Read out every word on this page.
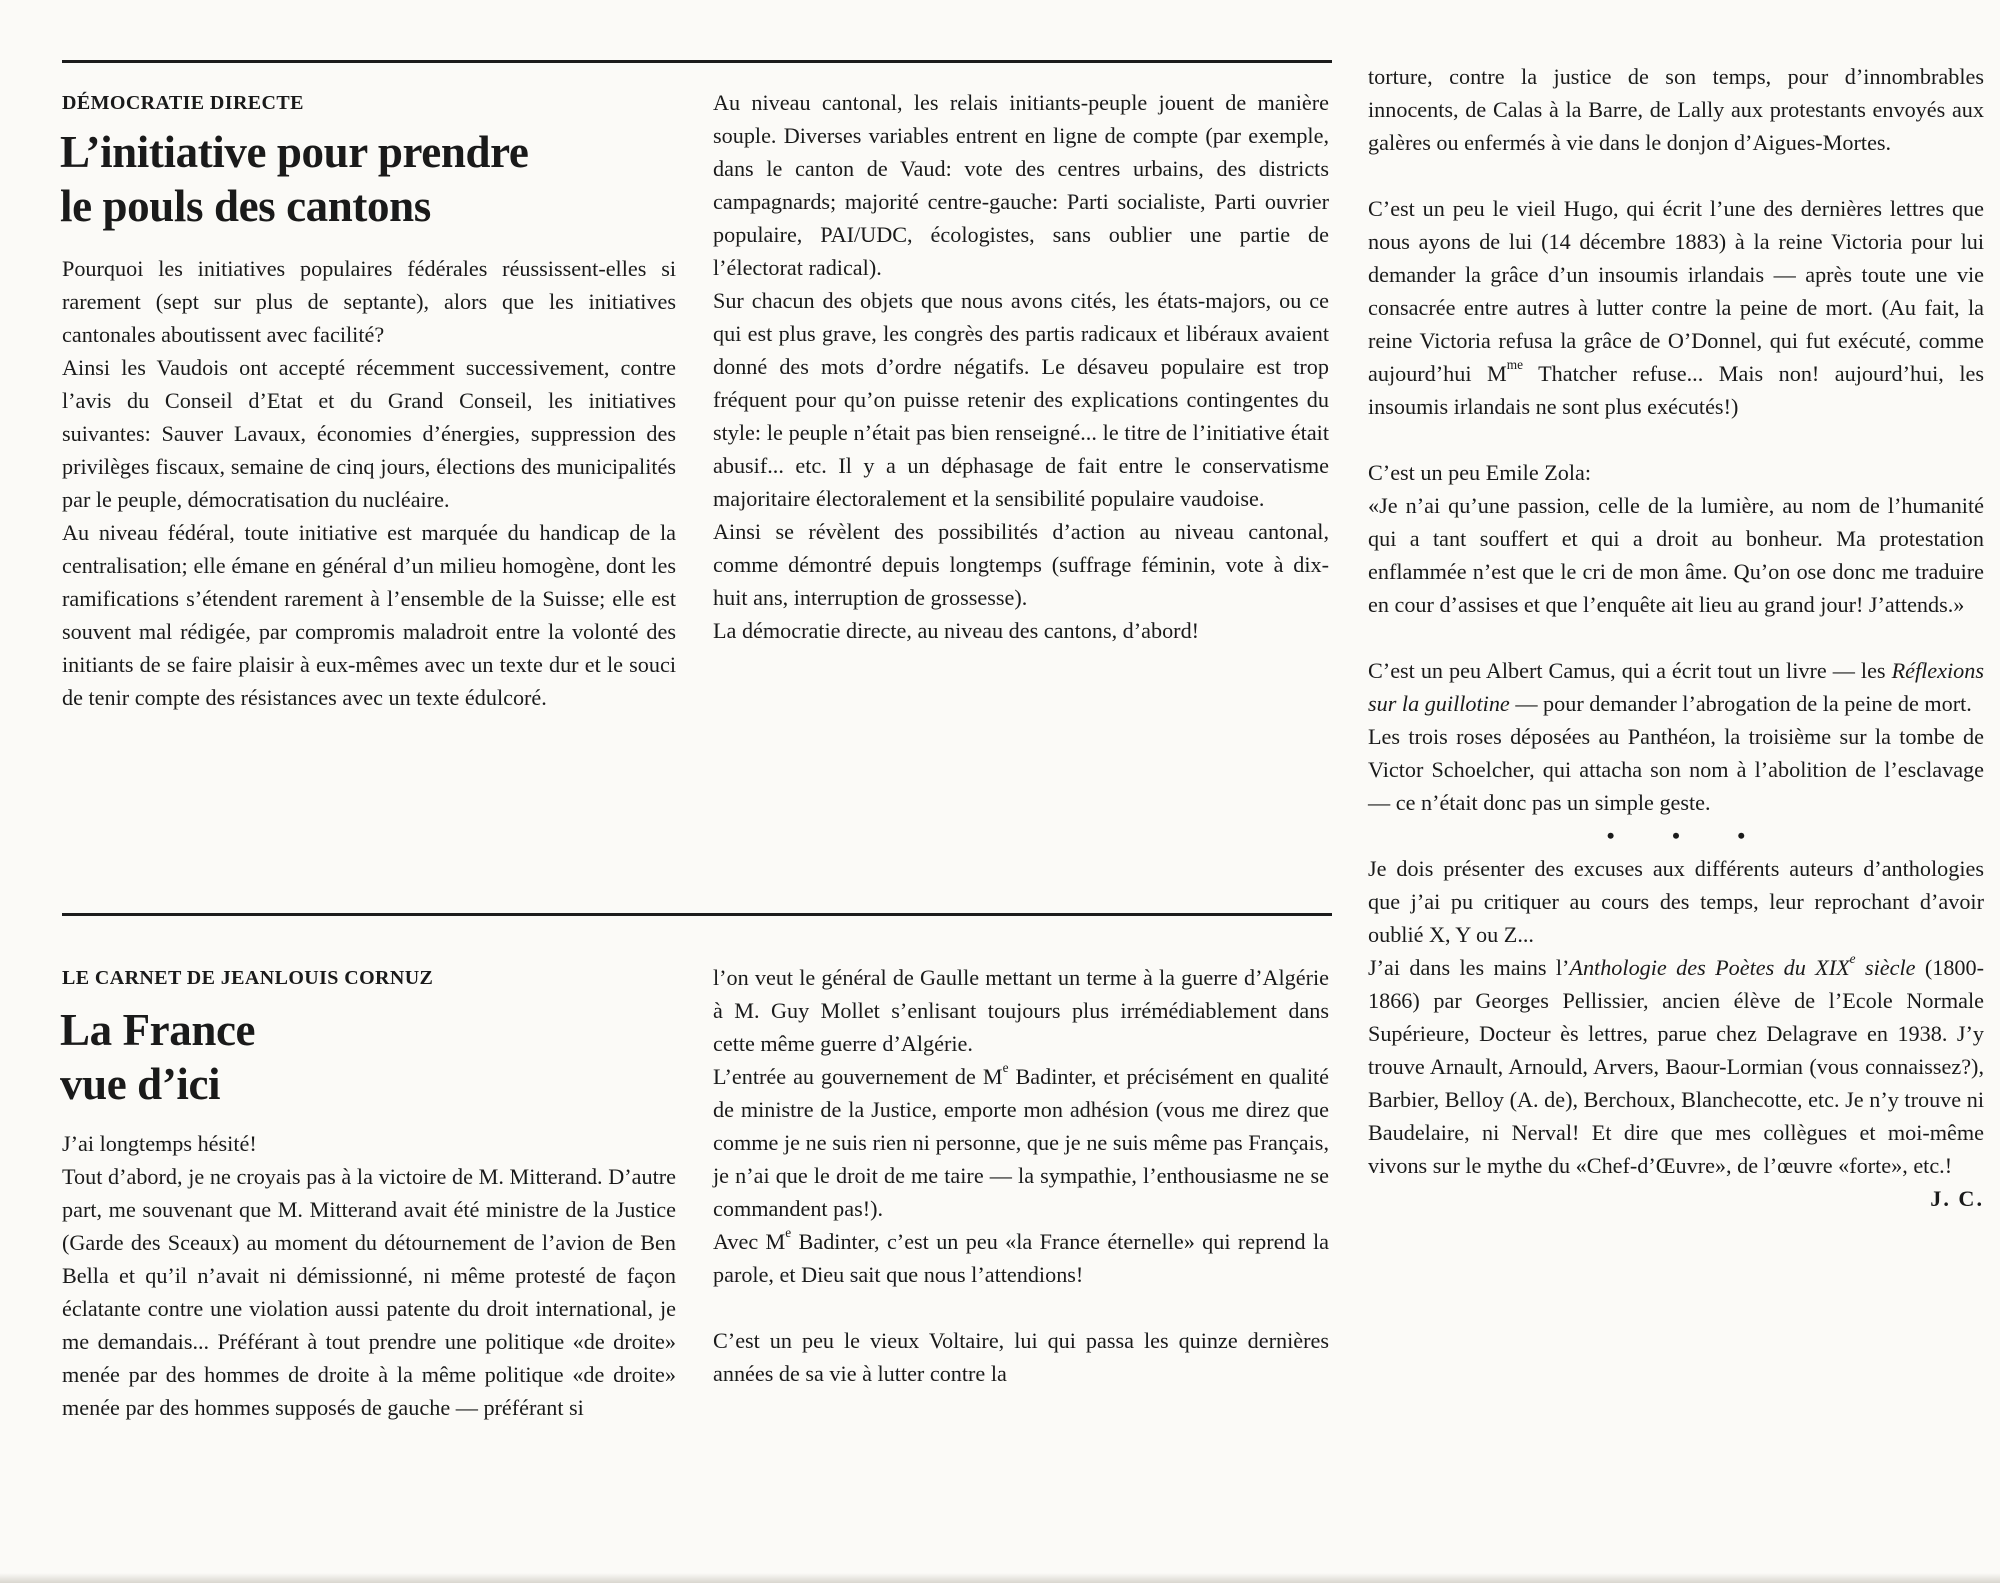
DÉMOCRATIE DIRECTE
L’initiative pour prendre
le pouls des cantons

Pourquoi les initiatives populaires fédérales réussissent-elles si rarement (sept sur plus de septante), alors que les initiatives cantonales aboutissent avec facilité?

Ainsi les Vaudois ont accepté récemment successivement, contre l’avis du Conseil d’Etat et du Grand Conseil, les initiatives suivantes: Sauver Lavaux, économies d’énergies, suppression des privilèges fiscaux, semaine de cinq jours, élections des municipalités par le peuple, démocratisation du nucléaire.

Au niveau fédéral, toute initiative est marquée du handicap de la centralisation; elle émane en général d’un milieu homogène, dont les ramifications s’étendent rarement à l’ensemble de la Suisse; elle est souvent mal rédigée, par compromis maladroit entre la volonté des initiants de se faire plaisir à eux-mêmes avec un texte dur et le souci de tenir compte des résistances avec un texte édulcoré.

Au niveau cantonal, les relais initiants-peuple jouent de manière souple. Diverses variables entrent en ligne de compte (par exemple, dans le canton de Vaud: vote des centres urbains, des districts campagnards; majorité centre-gauche: Parti socialiste, Parti ouvrier populaire, PAI/UDC, écologistes, sans oublier une partie de l’électorat radical).

Sur chacun des objets que nous avons cités, les états-majors, ou ce qui est plus grave, les congrès des partis radicaux et libéraux avaient donné des mots d’ordre négatifs. Le désaveu populaire est trop fréquent pour qu’on puisse retenir des explications contingentes du style: le peuple n’était pas bien renseigné... le titre de l’initiative était abusif... etc. Il y a un déphasage de fait entre le conservatisme majoritaire électoralement et la sensibilité populaire vaudoise.

Ainsi se révèlent des possibilités d’action au niveau cantonal, comme démontré depuis longtemps (suffrage féminin, vote à dix-huit ans, interruption de grossesse).

La démocratie directe, au niveau des cantons, d’abord!

LE CARNET DE JEANLOUIS CORNUZ
La France
vue d’ici

J’ai longtemps hésité!

Tout d’abord, je ne croyais pas à la victoire de M. Mitterand. D’autre part, me souvenant que M. Mitterand avait été ministre de la Justice (Garde des Sceaux) au moment du détournement de l’avion de Ben Bella et qu’il n’avait ni démissionné, ni même protesté de façon éclatante contre une violation aussi patente du droit international, je me demandais... Préférant à tout prendre une politique «de droite» menée par des hommes de droite à la même politique «de droite» menée par des hommes supposés de gauche — préférant si

l’on veut le général de Gaulle mettant un terme à la guerre d’Algérie à M. Guy Mollet s’enlisant toujours plus irrémédiablement dans cette même guerre d’Algérie.

L’entrée au gouvernement de Me Badinter, et précisément en qualité de ministre de la Justice, emporte mon adhésion (vous me direz que comme je ne suis rien ni personne, que je ne suis même pas Français, je n’ai que le droit de me taire — la sympathie, l’enthousiasme ne se commandent pas!).

Avec Me Badinter, c’est un peu «la France éternelle» qui reprend la parole, et Dieu sait que nous l’attendions!

C’est un peu le vieux Voltaire, lui qui passa les quinze dernières années de sa vie à lutter contre la

torture, contre la justice de son temps, pour d’innombrables innocents, de Calas à la Barre, de Lally aux protestants envoyés aux galères ou enfermés à vie dans le donjon d’Aigues-Mortes.

C’est un peu le vieil Hugo, qui écrit l’une des dernières lettres que nous ayons de lui (14 décembre 1883) à la reine Victoria pour lui demander la grâce d’un insoumis irlandais — après toute une vie consacrée entre autres à lutter contre la peine de mort. (Au fait, la reine Victoria refusa la grâce de O’Donnel, qui fut exécuté, comme aujourd’hui $M^{me}$ Thatcher refuse... Mais non! aujourd’hui, les insoumis irlandais ne sont plus exécutés!)

C’est un peu Emile Zola:

«Je n’ai qu’une passion, celle de la lumière, au nom de l’humanité qui a tant souffert et qui a droit au bonheur. Ma protestation enflammée n’est que le cri de mon âme. Qu’on ose donc me traduire en cour d’assises et que l’enquête ait lieu au grand jour! J’attends.»

C’est un peu Albert Camus, qui a écrit tout un livre — les Réflexions sur la guillotine — pour demander l’abrogation de la peine de mort.

Les trois roses déposées au Panthéon, la troisième sur la tombe de Victor Schoelcher, qui attacha son nom à l’abolition de l’esclavage — ce n’était donc pas un simple geste.

• • •

Je dois présenter des excuses aux différents auteurs d’anthologies que j’ai pu critiquer au cours des temps, leur reprochant d’avoir oublié X, Y ou Z...

J’ai dans les mains l’Anthologie des Poètes du XIXe siècle (1800-1866) par Georges Pellissier, ancien élève de l’Ecole Normale Supérieure, Docteur ès lettres, parue chez Delagrave en 1938. J’y trouve Arnault, Arnould, Arvers, Baour-Lormian (vous connaissez?), Barbier, Belloy (A. de), Berchoux, Blanchecotte, etc. Je n’y trouve ni Baudelaire, ni Nerval! Et dire que mes collègues et moi-même vivons sur le mythe du «Chef-d’Œuvre», de l’œuvre «forte», etc.!
J. C.
